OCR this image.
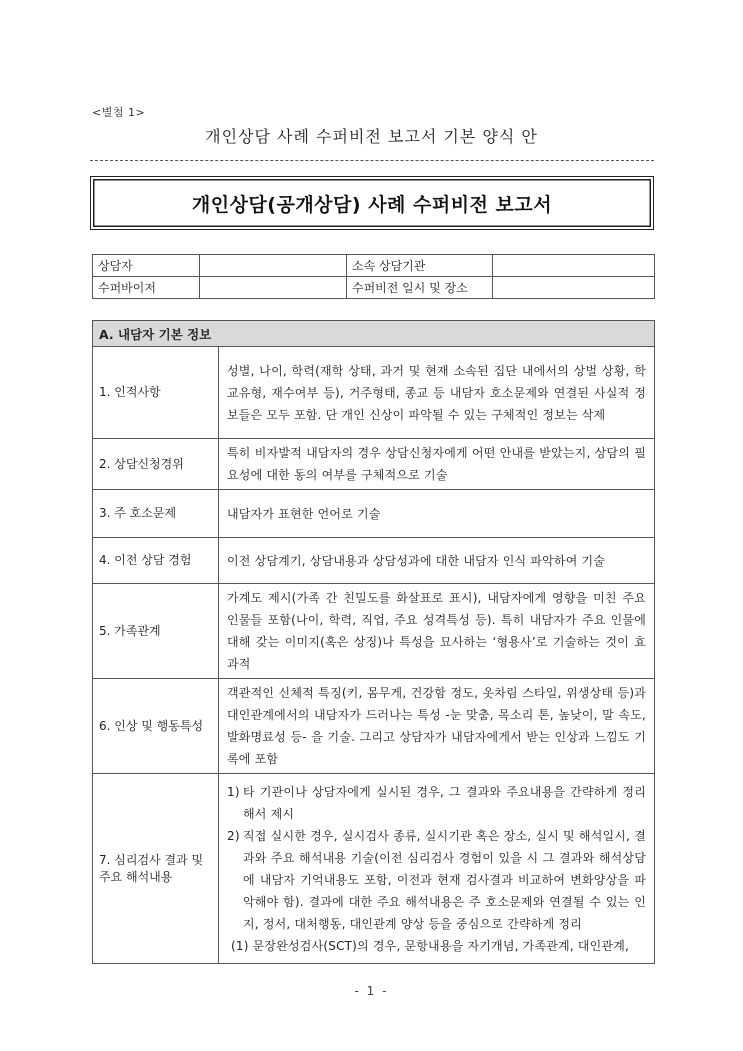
<별첨 1>
개인상담 사례 수퍼비전 보고서 기본 양식 안
개인상담(공개상담) 사례 수퍼비전 보고서
상담자		소속 상담기관	
수퍼바이저		수퍼비전 일시 및 장소	
A. 내담자 기본 정보	
1. 인적사항	성별, 나이, 학력(재학 상태, 과거 및 현재 소속된 집단 내에서의 상벌 상황, 학교유형, 재수여부 등), 거주형태, 종교 등 내담자 호소문제와 연결된 사실적 정보들은 모두 포함. 단 개인 신상이 파악될 수 있는 구체적인 정보는 삭제
2. 상담신청경위	특히 비자발적 내담자의 경우 상담신청자에게 어떤 안내를 받았는지, 상담의 필요성에 대한 동의 여부를 구체적으로 기술
3. 주 호소문제	내담자가 표현한 언어로 기술
4. 이전 상담 경험	이전 상담계기, 상담내용과 상담성과에 대한 내담자 인식 파악하여 기술
5. 가족관계	가계도 제시(가족 간 친밀도를 화살표로 표시), 내담자에게 영향을 미친 주요 인물들 포함(나이, 학력, 직업, 주요 성격특성 등). 특히 내담자가 주요 인물에 대해 갖는 이미지(혹은 상징)나 특성을 묘사하는 ‘형용사’로 기술하는 것이 효과적
6. 인상 및 행동특성	객관적인 신체적 특징(키, 몸무게, 건강함 정도, 옷차림 스타일, 위생상태 등)과 대인관계에서의 내담자가 드러나는 특성 -눈 맞춤, 목소리 톤, 높낮이, 말 속도, 발화명료성 등- 을 기술. 그리고 상담자가 내담자에게서 받는 인상과 느낌도 기록에 포함
7. 심리검사 결과 및 주요 해석내용	1) 타 기관이나 상담자에게 실시된 경우, 그 결과와 주요내용을 간략하게 정리해서 제시
2) 직접 실시한 경우, 실시검사 종류, 실시기관 혹은 장소, 실시 및 해석일시, 결과와 주요 해석내용 기술(이전 심리검사 경험이 있을 시 그 결과와 해석상담에 내담자 기억내용도 포함, 이전과 현재 검사결과 비교하여 변화양상을 파악해야 함). 결과에 대한 주요 해석내용은 주 호소문제와 연결될 수 있는 인지, 정서, 대처행동, 대인관계 양상 등을 중심으로 간략하게 정리
(1) 문장완성검사(SCT)의 경우, 문항내용을 자기개념, 가족관계, 대인관계,
- 1 -
